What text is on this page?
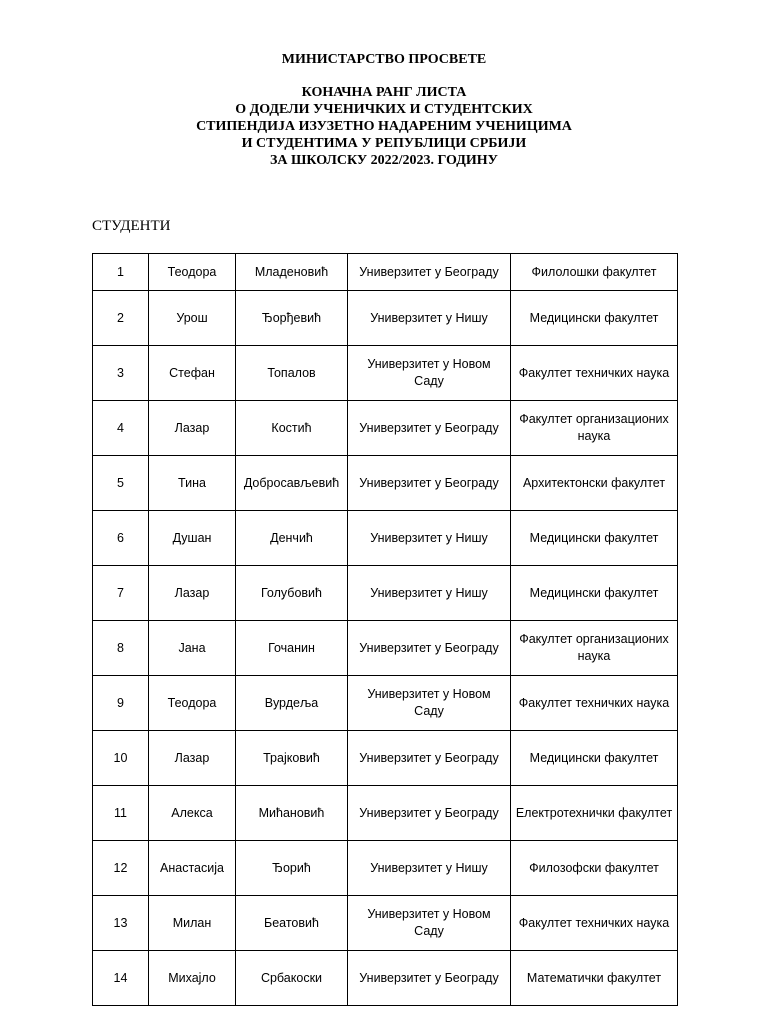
МИНИСТАРСТВО ПРОСВЕТЕ
КОНАЧНА РАНГ ЛИСТА
О ДОДЕЛИ УЧЕНИЧКИХ И СТУДЕНТСКИХ
СТИПЕНДИЈА ИЗУЗЕТНО НАДАРЕНИМ УЧЕНИЦИМА
И СТУДЕНТИМА У РЕПУБЛИЦИ СРБИЈИ
ЗА ШКОЛСКУ 2022/2023. ГОДИНУ
СТУДЕНТИ
1	Теодора	Младеновић	Универзитет у Београду	Филолошки факултет
2	Урош	Ђорђевић	Универзитет у Нишу	Медицински факултет
3	Стефан	Топалов	Универзитет у Новом Саду	Факултет техничких наука
4	Лазар	Костић	Универзитет у Београду	Факултет организационих наука
5	Тина	Добросављевић	Универзитет у Београду	Архитектонски факултет
6	Душан	Денчић	Универзитет у Нишу	Медицински факултет
7	Лазар	Голубовић	Универзитет у Нишу	Медицински факултет
8	Јана	Гочанин	Универзитет у Београду	Факултет организационих наука
9	Теодора	Вурдеља	Универзитет у Новом Саду	Факултет техничких наука
10	Лазар	Трајковић	Универзитет у Београду	Медицински факултет
11	Алекса	Мићановић	Универзитет у Београду	Електротехнички факултет
12	Анастасија	Ђорић	Универзитет у Нишу	Филозофски факултет
13	Милан	Беатовић	Универзитет у Новом Саду	Факултет техничких наука
14	Михајло	Србакоски	Универзитет у Београду	Математички факултет
